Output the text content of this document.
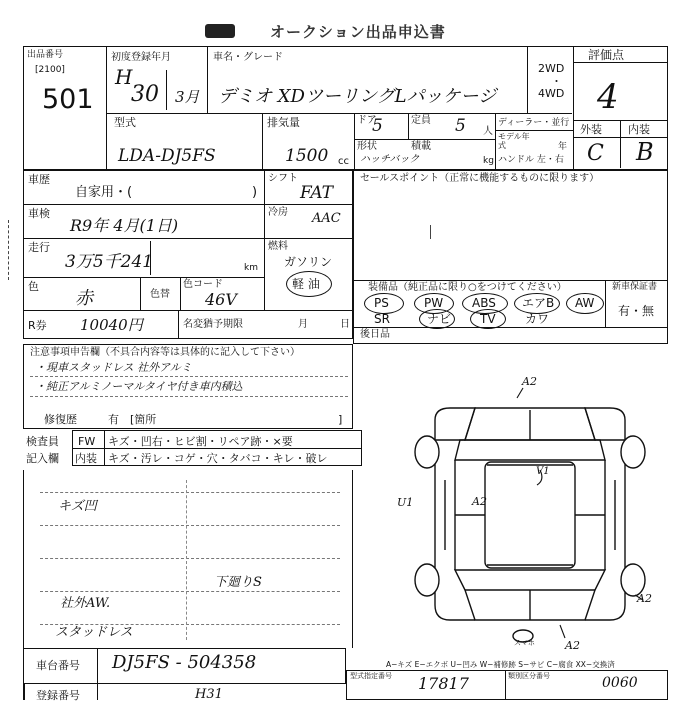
オークション出品申込書
出品番号
[2100]
501
初度登録年月	車名・グレード
H
30 3月 デミオ XDツーリングLパッケージ
2WD
・
4WD
評価点
4
外装 内装
C B
型式
LDA-DJ5FS
排気量
1500 cc
ドア
5	定員 5 人
形状
ハッチバック
積載
kg
ディーラー・並行
モデル年式	年
ハンドル 左・右
車歴
自家用・(	)
シフト
FAT
車検
R9年 4月(1日)
冷房 AAC
走行
3万5千241	km
燃料
ガソリン
軽 油
色
赤	色替
色コード
46V
R券 10040円	名変猶予期限	月	日
セールスポイント（正常に機能するものに限ります）
装備品（純正品に限り○をつけてください）	新車保証書
有・無
PS	PW ABS エアB AW
SR	ナビ TV カワ
後日品
注意事項申告欄（不具合内容等は具体的に記入して下さい）
・現車スタッドレス 社外アルミ
・純正アルミノーマルタイヤ付き車内積込
修復歴	有　[箇所	]
検査員
記入欄
FW
内装
キズ・凹右・ヒビ割・リペア跡・×要
キズ・汚レ・コゲ・穴・タバコ・キレ・破レ
キズ凹
下廻りS
社外AW.
スタッドレス
A2
V1
A2
U1
A2
A2
スマホ
A−キズ E−エクボ U−凹み W−補修跡 S−サビ C−腐食 XX−交換済
車台番号 DJ5FS - 504358
登録番号	H31
型式指定番号 17817	類別区分番号	0060
